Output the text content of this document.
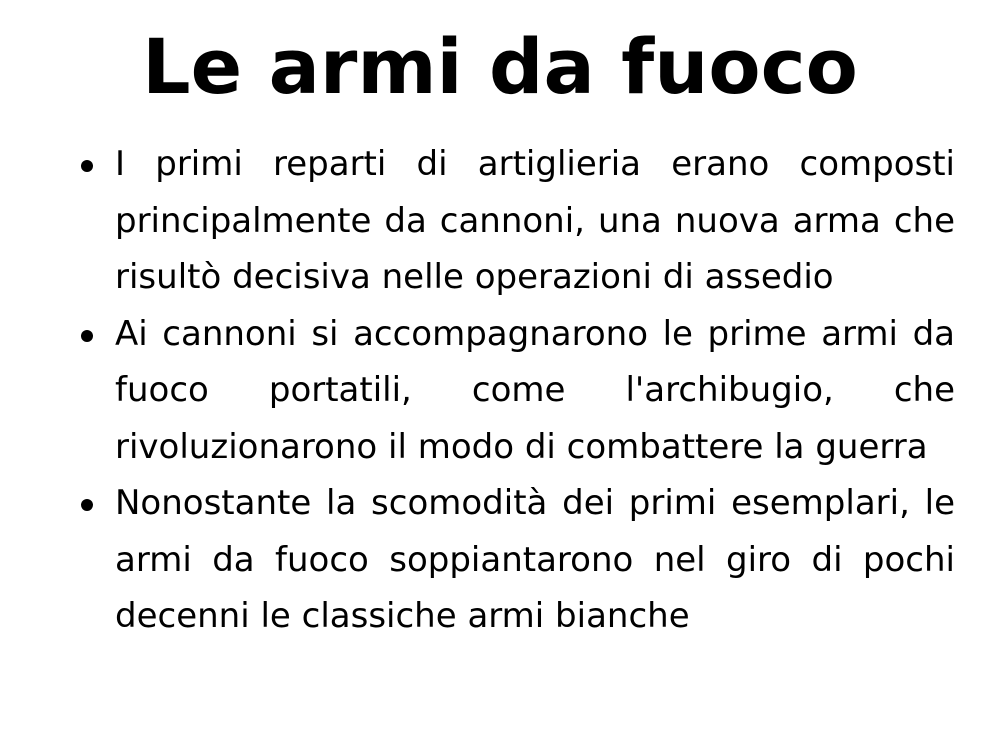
Le armi da fuoco
I primi reparti di artiglieria erano composti principalmente da cannoni, una nuova arma che risultò decisiva nelle operazioni di assedio
Ai cannoni si accompagnarono le prime armi da fuoco portatili, come l'archibugio, che rivoluzionarono il modo di combattere la guerra
Nonostante la scomodità dei primi esemplari, le armi da fuoco soppiantarono nel giro di pochi decenni le classiche armi bianche
